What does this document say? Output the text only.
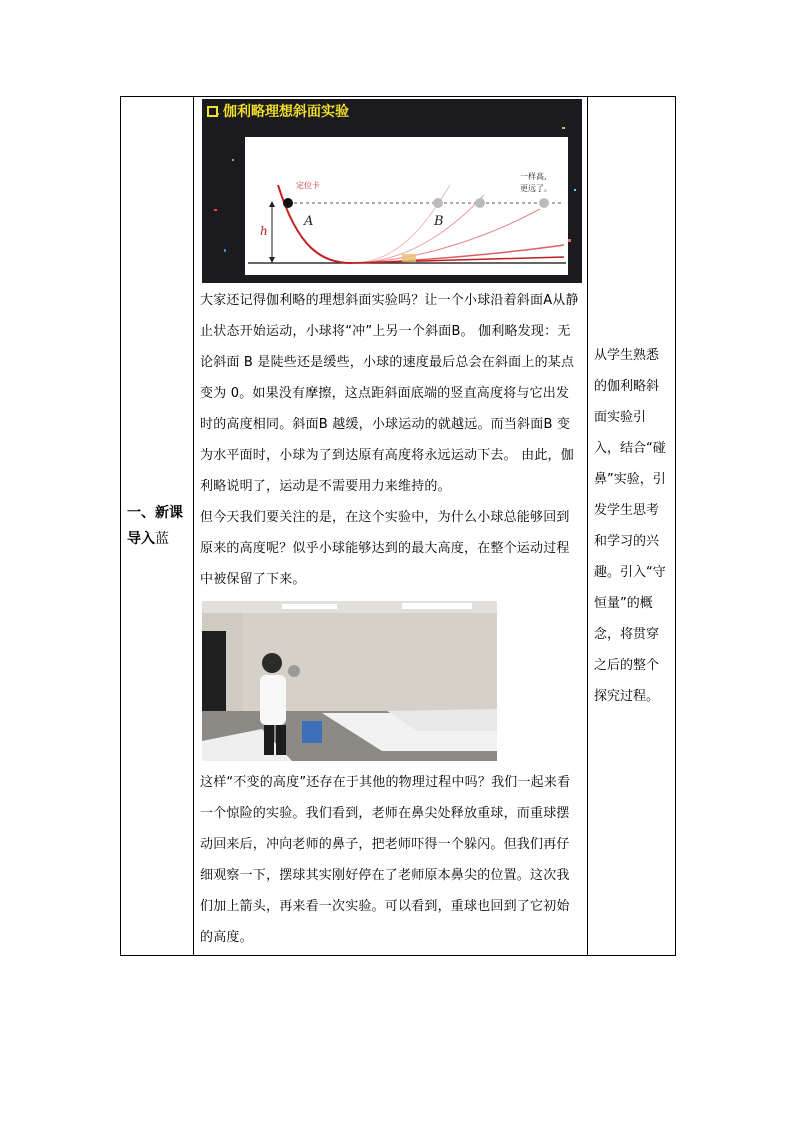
一、新课导入蓝

伽利略理想斜面实验
h
定位卡
A	B
一样高,
更远了。

大家还记得伽利略的理想斜面实验吗？让一个小球沿着斜面A从静止状态开始运动，小球将“冲”上另一个斜面B。 伽利略发现：无论斜面 B 是陡些还是缓些，小球的速度最后总会在斜面上的某点变为 0。如果没有摩擦，这点距斜面底端的竖直高度将与它出发时的高度相同。斜面B 越缓，小球运动的就越远。而当斜面B 变为水平面时，小球为了到达原有高度将永远运动下去。 由此，伽利略说明了，运动是不需要用力来维持的。

但今天我们要关注的是，在这个实验中，为什么小球总能够回到原来的高度呢？似乎小球能够达到的最大高度，在整个运动过程中被保留了下来。

这样“不变的高度”还存在于其他的物理过程中吗？我们一起来看一个惊险的实验。我们看到，老师在鼻尖处释放重球，而重球摆动回来后，冲向老师的鼻子，把老师吓得一个躲闪。但我们再仔细观察一下，摆球其实刚好停在了老师原本鼻尖的位置。这次我们加上箭头，再来看一次实验。可以看到，重球也回到了它初始的高度。

从学生熟悉的伽利略斜面实验引入，结合“碰鼻”实验，引发学生思考和学习的兴趣。引入“守恒量”的概念，将贯穿之后的整个探究过程。
